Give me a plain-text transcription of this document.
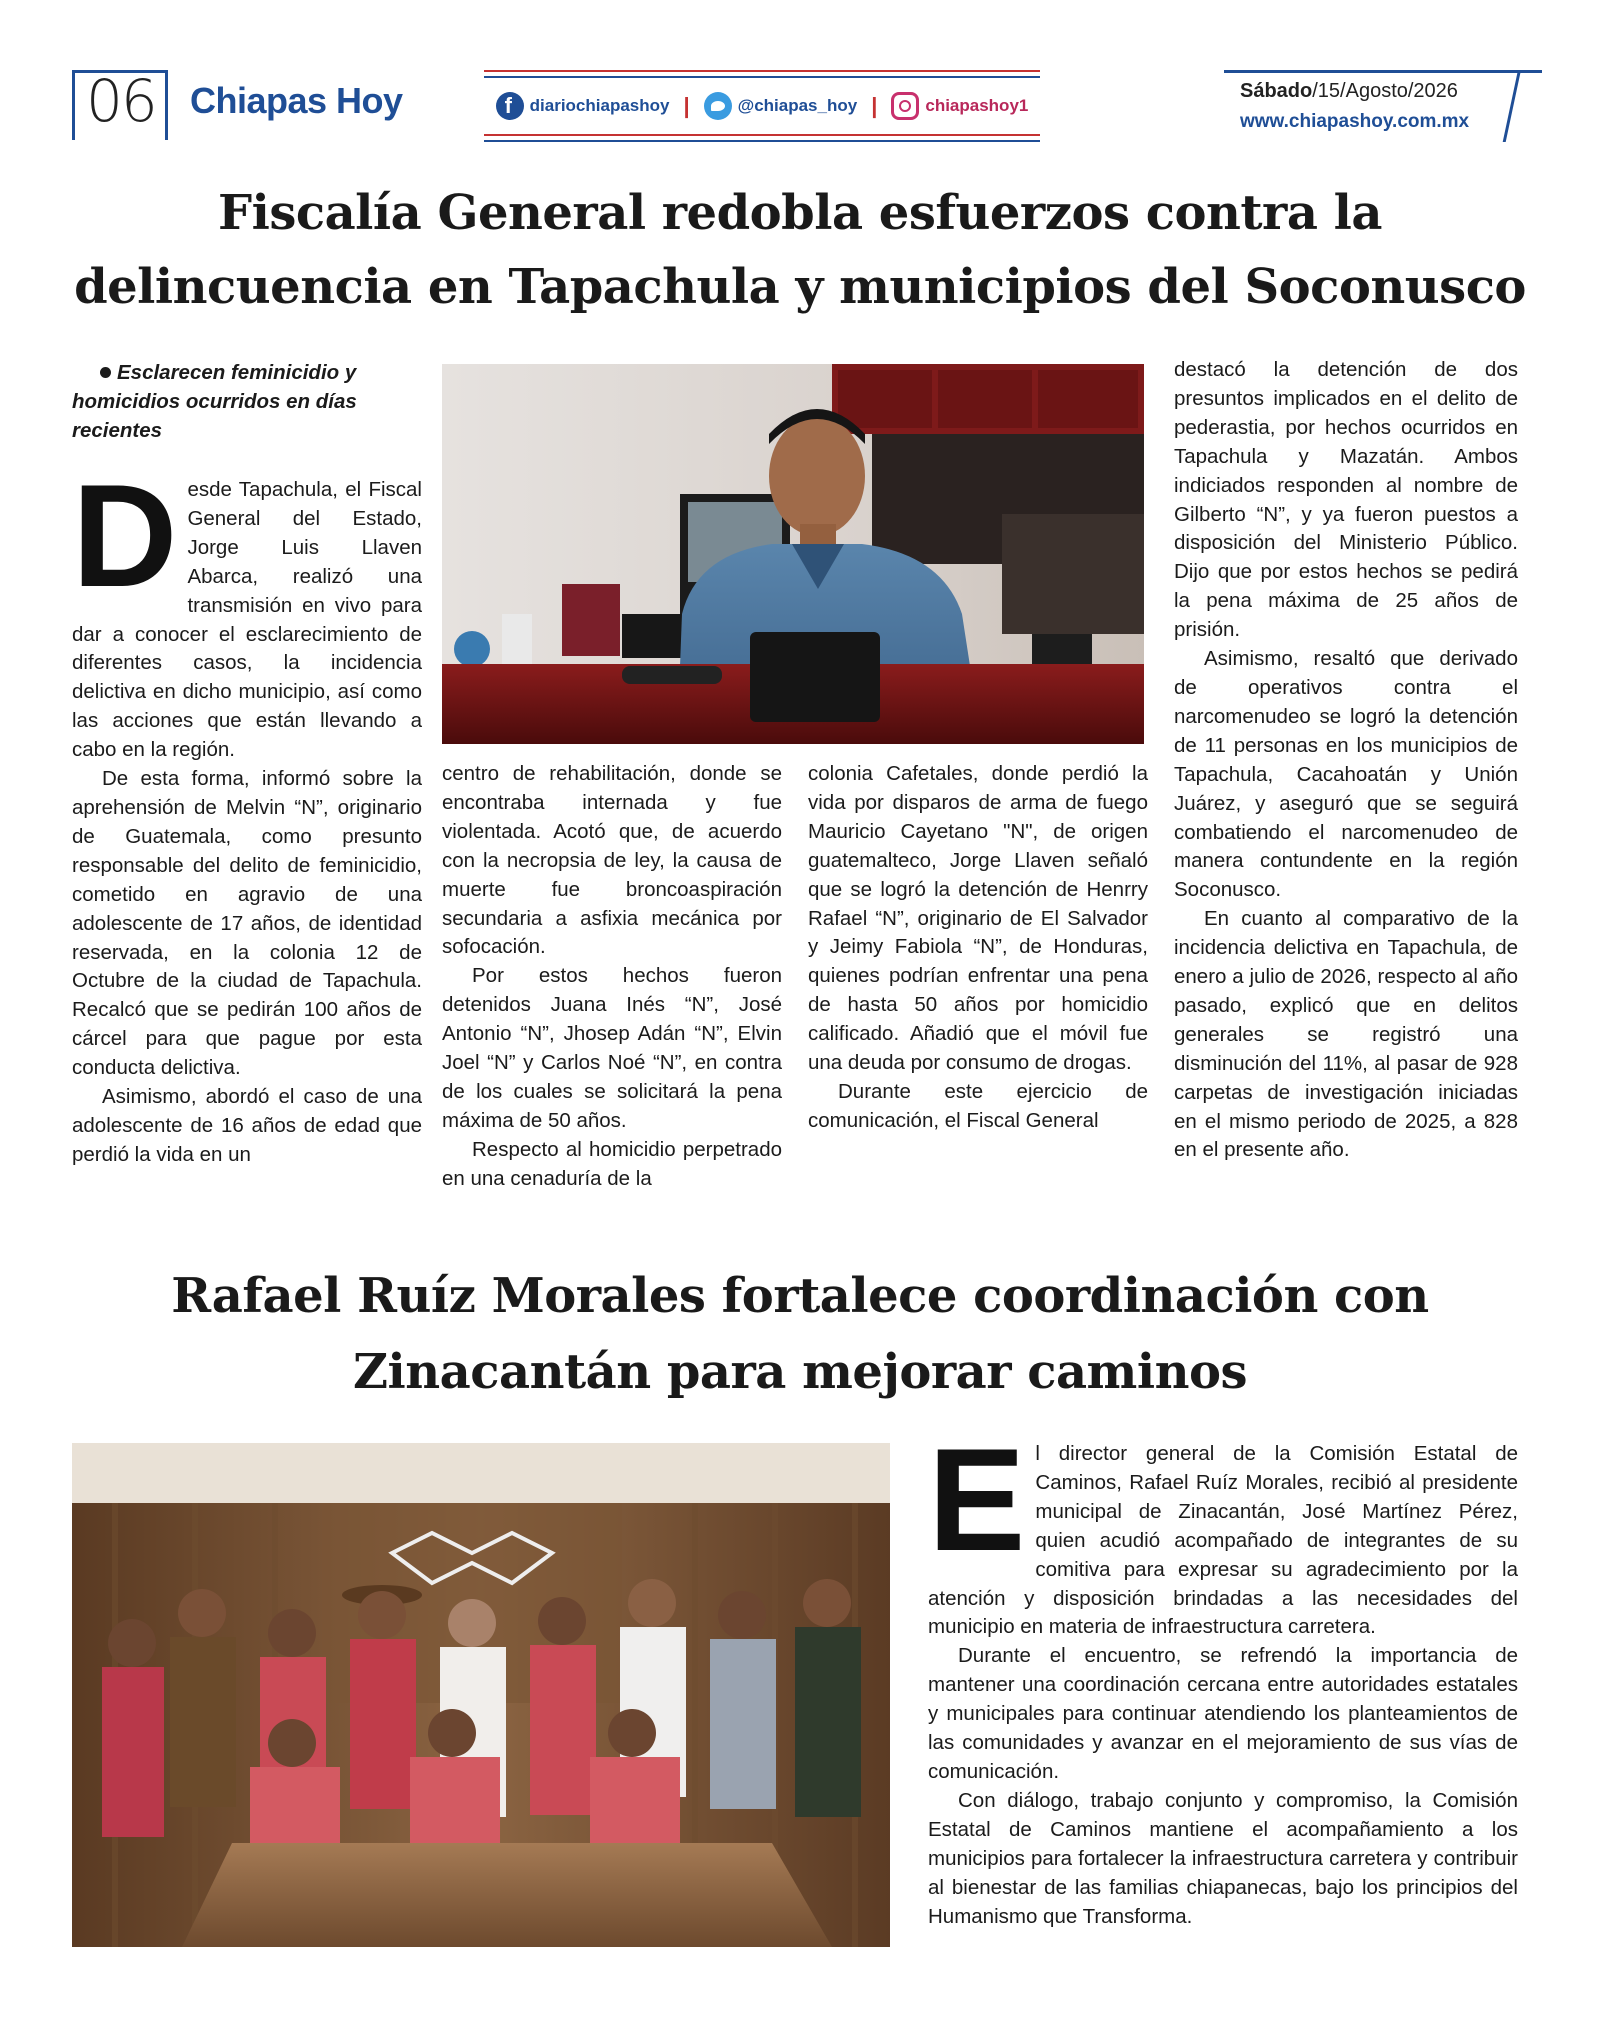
06 Chiapas Hoy
f	diariochiapashoy |	@chiapas_hoy |	chiapashoy1
Sábado/15/Agosto/2026
www.chiapashoy.com.mx
Fiscalía General redobla esfuerzos contra la
delincuencia en Tapachula y municipios del Soconusco
Esclarecen feminicidio y homicidios ocurridos en días recientes

Desde Tapachula, el Fiscal General del Estado, Jorge Luis Llaven Abarca, realizó una transmisión en vivo para dar a conocer el esclarecimiento de diferentes casos, la incidencia delictiva en dicho municipio, así como las acciones que están llevando a cabo en la región.

De esta forma, informó sobre la aprehensión de Melvin “N”, originario de Guatemala, como presunto responsable del delito de feminicidio, cometido en agravio de una adolescente de 17 años, de identidad reservada, en la colonia 12 de Octubre de la ciudad de Tapachula. Recalcó que se pedirán 100 años de cárcel para que pague por esta conducta delictiva.

Asimismo, abordó el caso de una adolescente de 16 años de edad que perdió la vida en un

centro de rehabilitación, donde se encontraba internada y fue violentada. Acotó que, de acuerdo con la necropsia de ley, la causa de muerte fue broncoaspiración secundaria a asfixia mecánica por sofocación.

Por estos hechos fueron detenidos Juana Inés “N”, José Antonio “N”, Jhosep Adán “N”, Elvin Joel “N” y Carlos Noé “N”, en contra de los cuales se solicitará la pena máxima de 50 años.

Respecto al homicidio perpetrado en una cenaduría de la

colonia Cafetales, donde perdió la vida por disparos de arma de fuego Mauricio Cayetano "N", de origen guatemalteco, Jorge Llaven señaló que se logró la detención de Henrry Rafael “N”, originario de El Salvador y Jeimy Fabiola “N”, de Honduras, quienes podrían enfrentar una pena de hasta 50 años por homicidio calificado. Añadió que el móvil fue una deuda por consumo de drogas.

Durante este ejercicio de comunicación, el Fiscal General

destacó la detención de dos presuntos implicados en el delito de pederastia, por hechos ocurridos en Tapachula y Mazatán. Ambos indiciados responden al nombre de Gilberto “N”, y ya fueron puestos a disposición del Ministerio Público. Dijo que por estos hechos se pedirá la pena máxima de 25 años de prisión.

Asimismo, resaltó que derivado de operativos contra el narcomenudeo se logró la detención de 11 personas en los municipios de Tapachula, Cacahoatán y Unión Juárez, y aseguró que se seguirá combatiendo el narcomenudeo de manera contundente en la región Soconusco.

En cuanto al comparativo de la incidencia delictiva en Tapachula, de enero a julio de 2026, respecto al año pasado, explicó que en delitos generales se registró una disminución del 11%, al pasar de 928 carpetas de investigación iniciadas en el mismo periodo de 2025, a 828 en el presente año.

Rafael Ruíz Morales fortalece coordinación con
Zinacantán para mejorar caminos

El director general de la Comisión Estatal de Caminos, Rafael Ruíz Morales, recibió al presidente municipal de Zinacantán, José Martínez Pérez, quien acudió acompañado de integrantes de su comitiva para expresar su agradecimiento por la atención y disposición brindadas a las necesidades del municipio en materia de infraestructura carretera.

Durante el encuentro, se refrendó la importancia de mantener una coordinación cercana entre autoridades estatales y municipales para continuar atendiendo los planteamientos de las comunidades y avanzar en el mejoramiento de sus vías de comunicación.

Con diálogo, trabajo conjunto y compromiso, la Comisión Estatal de Caminos mantiene el acompañamiento a los municipios para fortalecer la infraestructura carretera y contribuir al bienestar de las familias chiapanecas, bajo los principios del Humanismo que Transforma.
